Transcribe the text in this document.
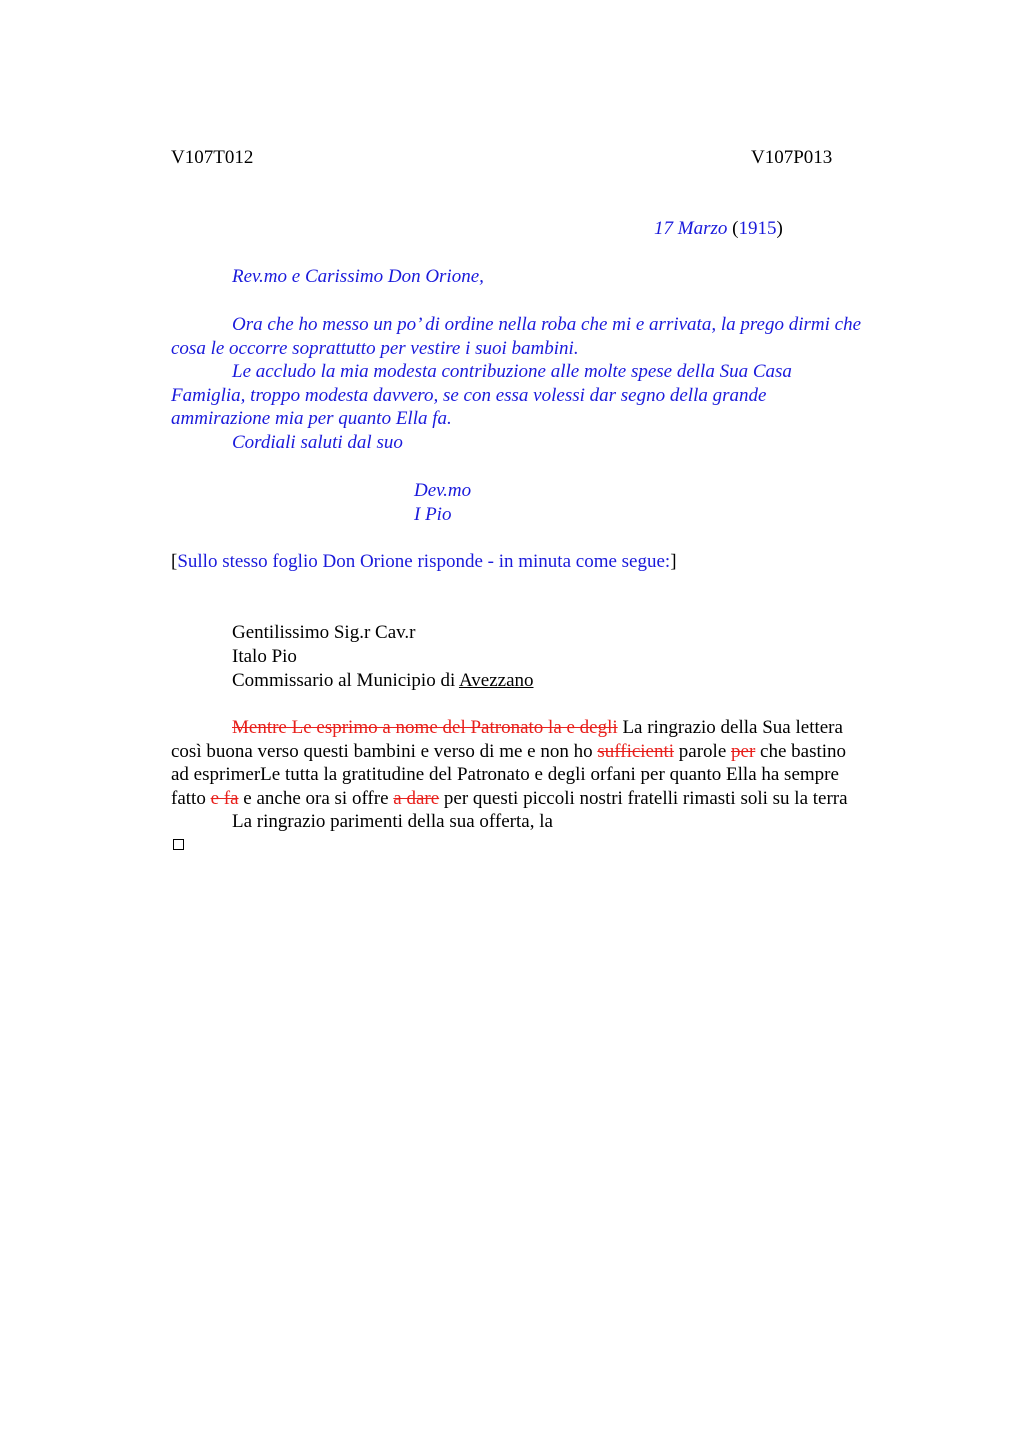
V107T012	V107P013
17 Marzo (1915)
Rev.mo e Carissimo Don Orione,
Ora che ho messo un po’ di ordine nella roba che mi e arrivata, la prego dirmi che
cosa le occorre soprattutto per vestire i suoi bambini.
Le accludo la mia modesta contribuzione alle molte spese della Sua Casa
Famiglia, troppo modesta davvero, se con essa volessi dar segno della grande
ammirazione mia per quanto Ella fa.
Cordiali saluti dal suo
Dev.mo
I Pio
[Sullo stesso foglio Don Orione risponde - in minuta come segue:]
Gentilissimo Sig.r Cav.r
Italo Pio
Commissario al Municipio di Avezzano
Mentre Le esprimo a nome del Patronato la e degli La ringrazio della Sua lettera
così buona verso questi bambini e verso di me e non ho sufficienti parole per che bastino
ad esprimerLe tutta la gratitudine del Patronato e degli orfani per quanto Ella ha sempre
fatto e fa e anche ora si offre a dare per questi piccoli nostri fratelli rimasti soli su la terra
La ringrazio parimenti della sua offerta, la
